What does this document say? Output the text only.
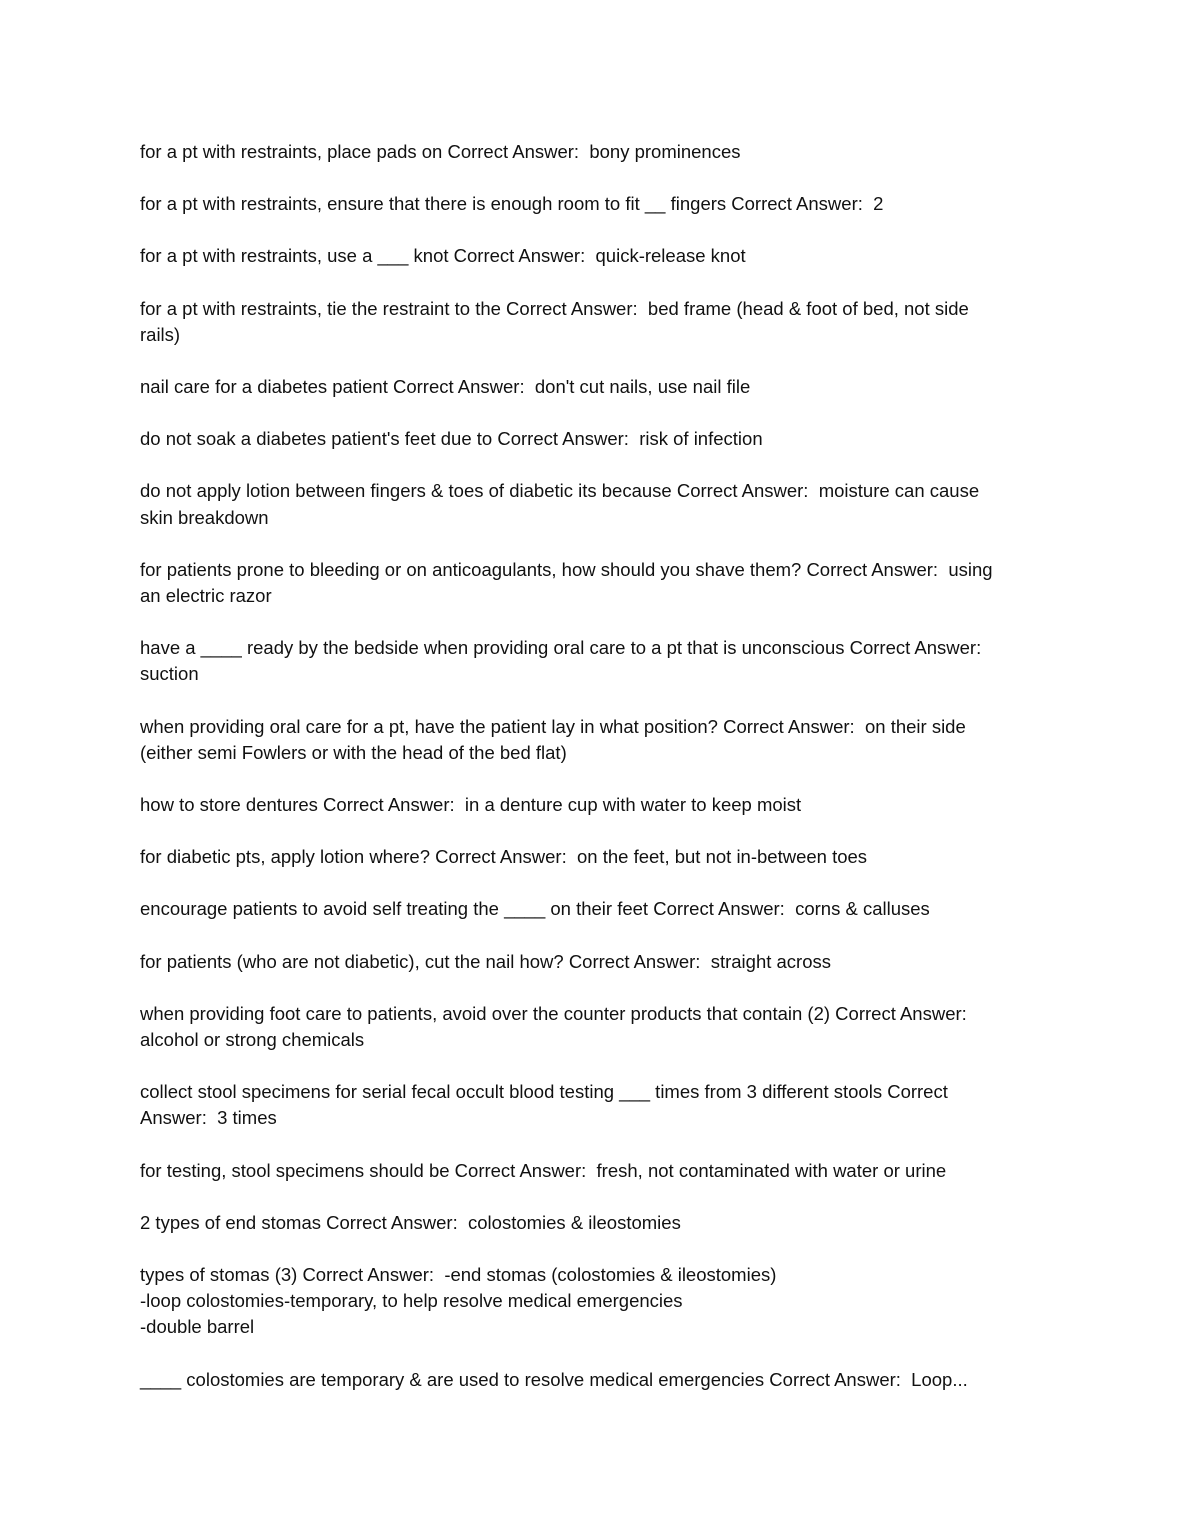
for a pt with restraints, place pads on Correct Answer:  bony prominences
for a pt with restraints, ensure that there is enough room to fit __ fingers Correct Answer:  2
for a pt with restraints, use a ___ knot Correct Answer:  quick-release knot
for a pt with restraints, tie the restraint to the Correct Answer:  bed frame (head & foot of bed, not side
rails)
nail care for a diabetes patient Correct Answer:  don't cut nails, use nail file
do not soak a diabetes patient's feet due to Correct Answer:  risk of infection
do not apply lotion between fingers & toes of diabetic its because Correct Answer:  moisture can cause
skin breakdown
for patients prone to bleeding or on anticoagulants, how should you shave them? Correct Answer:  using
an electric razor
have a ____ ready by the bedside when providing oral care to a pt that is unconscious Correct Answer:
suction
when providing oral care for a pt, have the patient lay in what position? Correct Answer:  on their side
(either semi Fowlers or with the head of the bed flat)
how to store dentures Correct Answer:  in a denture cup with water to keep moist
for diabetic pts, apply lotion where? Correct Answer:  on the feet, but not in-between toes
encourage patients to avoid self treating the ____ on their feet Correct Answer:  corns & calluses
for patients (who are not diabetic), cut the nail how? Correct Answer:  straight across
when providing foot care to patients, avoid over the counter products that contain (2) Correct Answer:
alcohol or strong chemicals
collect stool specimens for serial fecal occult blood testing ___ times from 3 different stools Correct
Answer:  3 times
for testing, stool specimens should be Correct Answer:  fresh, not contaminated with water or urine
2 types of end stomas Correct Answer:  colostomies & ileostomies
types of stomas (3) Correct Answer:  -end stomas (colostomies & ileostomies)
-loop colostomies-temporary, to help resolve medical emergencies
-double barrel
____ colostomies are temporary & are used to resolve medical emergencies Correct Answer:  Loop...
